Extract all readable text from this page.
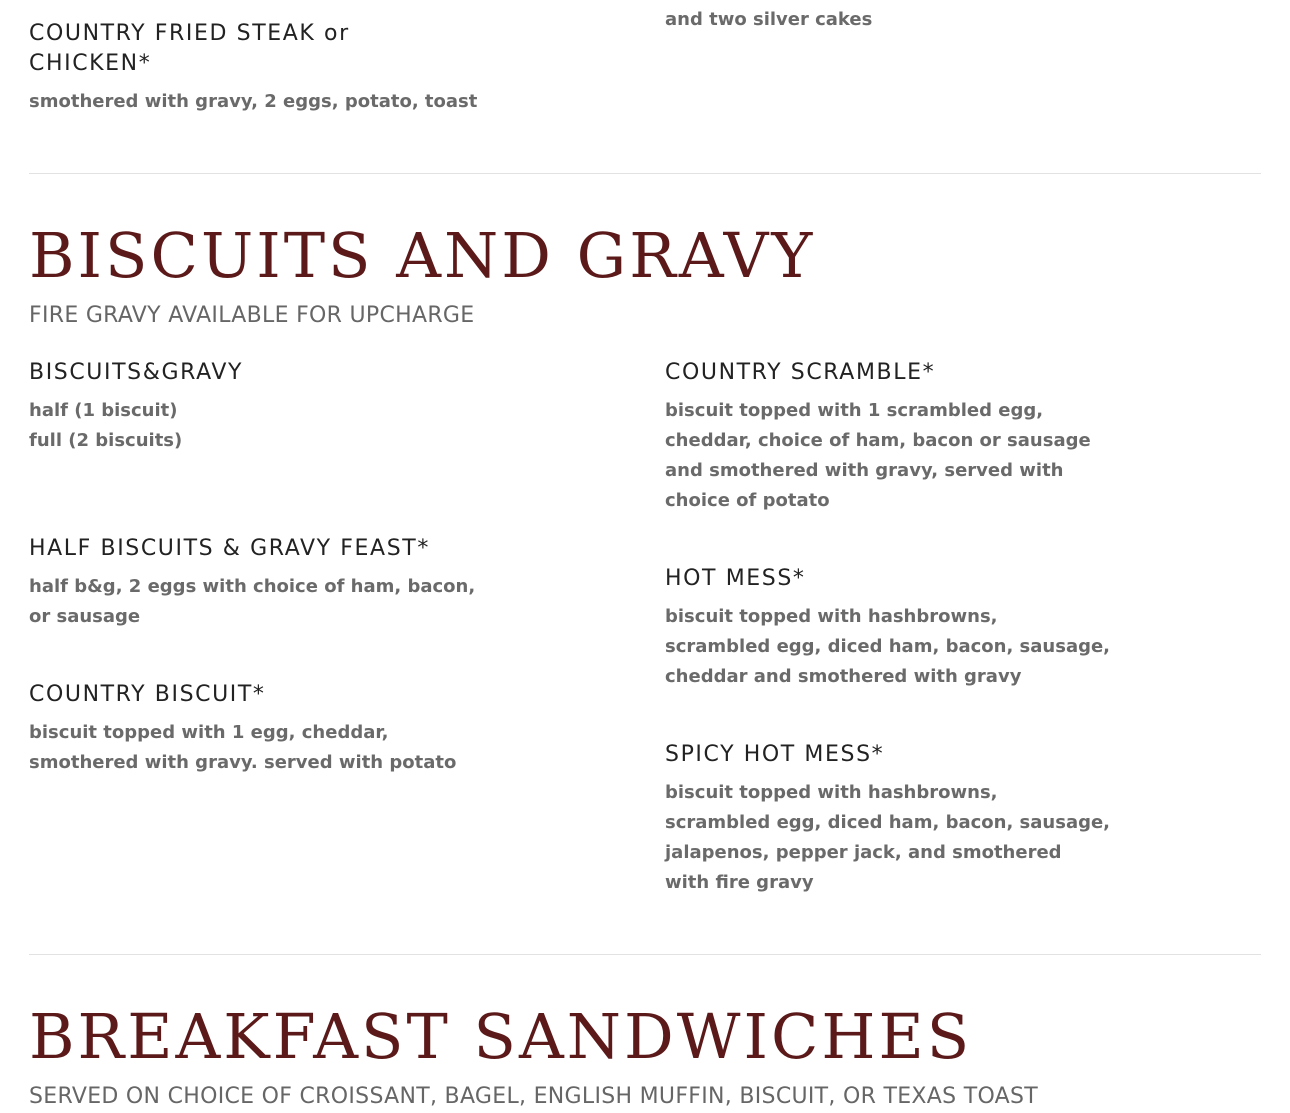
and two silver cakes
COUNTRY FRIED STEAK or
CHICKEN*
smothered with gravy, 2 eggs, potato, toast
BISCUITS AND GRAVY
FIRE GRAVY AVAILABLE FOR UPCHARGE
BISCUITS&GRAVY
half (1 biscuit)
full (2 biscuits)
HALF BISCUITS & GRAVY FEAST*
half b&g, 2 eggs with choice of ham, bacon,
or sausage
COUNTRY BISCUIT*
biscuit topped with 1 egg, cheddar,
smothered with gravy. served with potato
COUNTRY SCRAMBLE*
biscuit topped with 1 scrambled egg,
cheddar, choice of ham, bacon or sausage
and smothered with gravy, served with
choice of potato
HOT MESS*
biscuit topped with hashbrowns,
scrambled egg, diced ham, bacon, sausage,
cheddar and smothered with gravy
SPICY HOT MESS*
biscuit topped with hashbrowns,
scrambled egg, diced ham, bacon, sausage,
jalapenos, pepper jack, and smothered
with fire gravy
BREAKFAST SANDWICHES
SERVED ON CHOICE OF CROISSANT, BAGEL, ENGLISH MUFFIN, BISCUIT, OR TEXAS TOAST
